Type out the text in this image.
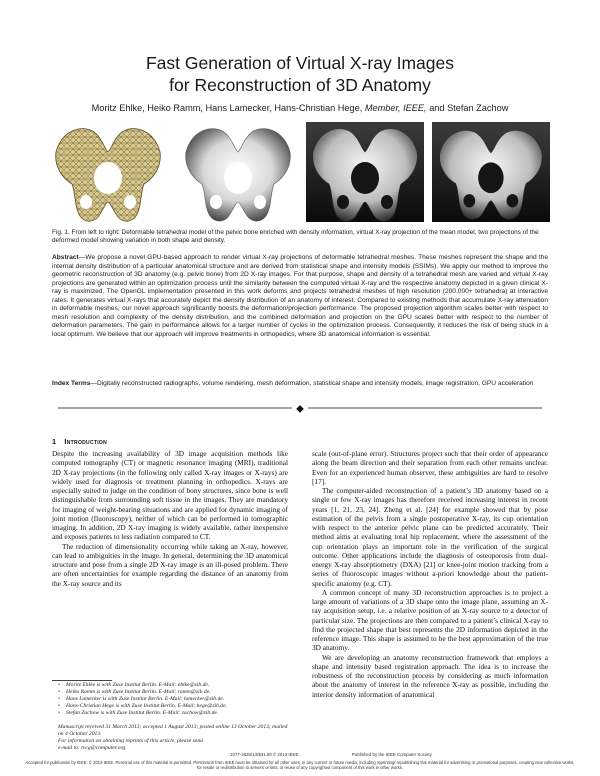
Fast Generation of Virtual X-ray Images
for Reconstruction of 3D Anatomy
Moritz Ehlke, Heiko Ramm, Hans Lamecker, Hans-Christian Hege, Member, IEEE, and Stefan Zachow
Fig. 1. From left to right: Deformable tetrahedral model of the pelvic bone enriched with density information, virtual X-ray projection of the mean model, two projections of the deformed model showing variation in both shape and density.
Abstract—We propose a novel GPU-based approach to render virtual X-ray projections of deformable tetrahedral meshes. These meshes represent the shape and the internal density distribution of a particular anatomical structure and are derived from statistical shape and intensity models (SSIMs). We apply our method to improve the geometric reconstruction of 3D anatomy (e.g. pelvic bone) from 2D X-ray images. For that purpose, shape and density of a tetrahedral mesh are varied and virtual X-ray projections are generated within an optimization process until the similarity between the computed virtual X-ray and the respective anatomy depicted in a given clinical X-ray is maximized. The OpenGL implementation presented in this work deforms and projects tetrahedral meshes of high resolution (200.000+ tetrahedra) at interactive rates. It generates virtual X-rays that accurately depict the density distribution of an anatomy of interest. Compared to existing methods that accumulate X-ray attenuation in deformable meshes, our novel approach significantly boosts the deformation/projection performance. The proposed projection algorithm scales better with respect to mesh resolution and complexity of the density distribution, and the combined deformation and projection on the GPU scales better with respect to the number of deformation parameters. The gain in performance allows for a larger number of cycles in the optimization process. Consequently, it reduces the risk of being stuck in a local optimum. We believe that our approach will improve treatments in orthopedics, where 3D anatomical information is essential.
Index Terms—Digitally reconstructed radiographs, volume rendering, mesh deformation, statistical shape and intensity models, image registration, GPU acceleration
◆
1 Introduction

Despite the increasing availability of 3D image acquisition methods like computed tomography (CT) or magnetic resonance imaging (MRI), traditional 2D X-ray projections (in the following only called X-ray images or X-rays) are widely used for diagnosis or treatment planning in orthopedics. X-rays are especially suited to judge on the condition of bony structures, since bone is well distinguishable from surrounding soft tissue in the images. They are mandatory for imaging of weight-bearing situations and are applied for dynamic imaging of joint motion (fluoroscopy), neither of which can be performed in tomographic imaging. In addition, 2D X-ray imaging is widely available, rather inexpensive and exposes patients to less radiation compared to CT.

The reduction of dimensionality occurring while taking an X-ray, however, can lead to ambiguities in the image. In general, determining the 3D anatomical structure and pose from a single 2D X-ray image is an ill-posed problem. There are often uncertainties for example regarding the distance of an anatomy from the X-ray source and its

scale (out-of-plane error). Structures project such that their order of appearance along the beam direction and their separation from each other remains unclear. Even for an experienced human observer, these ambiguities are hard to resolve [17].

The computer-aided reconstruction of a patient’s 3D anatomy based on a single or few X-ray images has therefore received increasing interest in recent years [1, 21, 23, 24]. Zheng et al. [24] for example showed that by pose estimation of the pelvis from a single postoperative X-ray, its cup orientation with respect to the anterior pelvic plane can be predicted accurately. Their method aims at evaluating total hip replacement, where the assessment of the cup orientation plays an important role in the verification of the surgical outcome. Other applications include the diagnosis of osteoporosis from dual-energy X-ray absorptiometry (DXA) [21] or knee-joint motion tracking from a series of fluoroscopic images without a-priori knowledge about the patient-specific anatomy (e.g. CT).

A common concept of many 3D reconstruction approaches is to project a large amount of variations of a 3D shape onto the image plane, assuming an X-ray acquisition setup, i.e. a relative position of an X-ray source to a detector of particular size. The projections are then compared to a patient’s clinical X-ray to find the projected shape that best represents the 2D information depicted in the reference image. This shape is assumed to be the best approximation of the true 3D anatomy.

We are developing an anatomy reconstruction framework that employs a shape and intensity based registration approach. The idea is to increase the robustness of the reconstruction process by considering as much information about the anatomy of interest in the reference X-ray as possible, including the interior density information of anatomical

• Moritz Ehlke is with Zuse Institut Berlin. E-Mail: ehlke@zib.de.
• Heiko Ramm is with Zuse Institut Berlin. E-Mail: ramm@zib.de.
• Hans Lamecker is with Zuse Institut Berlin. E-Mail: lamecker@zib.de.
• Hans-Christian Hege is with Zuse Institut Berlin. E-Mail: hege@zib.de.
• Stefan Zachow is with Zuse Institut Berlin. E-Mail: zachow@zib.de.
Manuscript received 31 March 2013; accepted 1 August 2013; posted online 13 October 2013; mailed on 4 October 2013.
For information on obtaining reprints of this article, please send
e-mail to: tvcg@computer.org.
1077-2626/13/$31.00 © 2013 IEEE	Published by the IEEE Computer Society
Accepted for publication by IEEE. © 2013 IEEE. Personal use of this material is permitted. Permission from IEEE must be obtained for all other uses, in any current or future media, including reprinting/ republishing this material for advertising or promotional purposes, creating new collective works, for resale or redistribution to servers or lists, or reuse of any copyrighted component of this work in other works.
